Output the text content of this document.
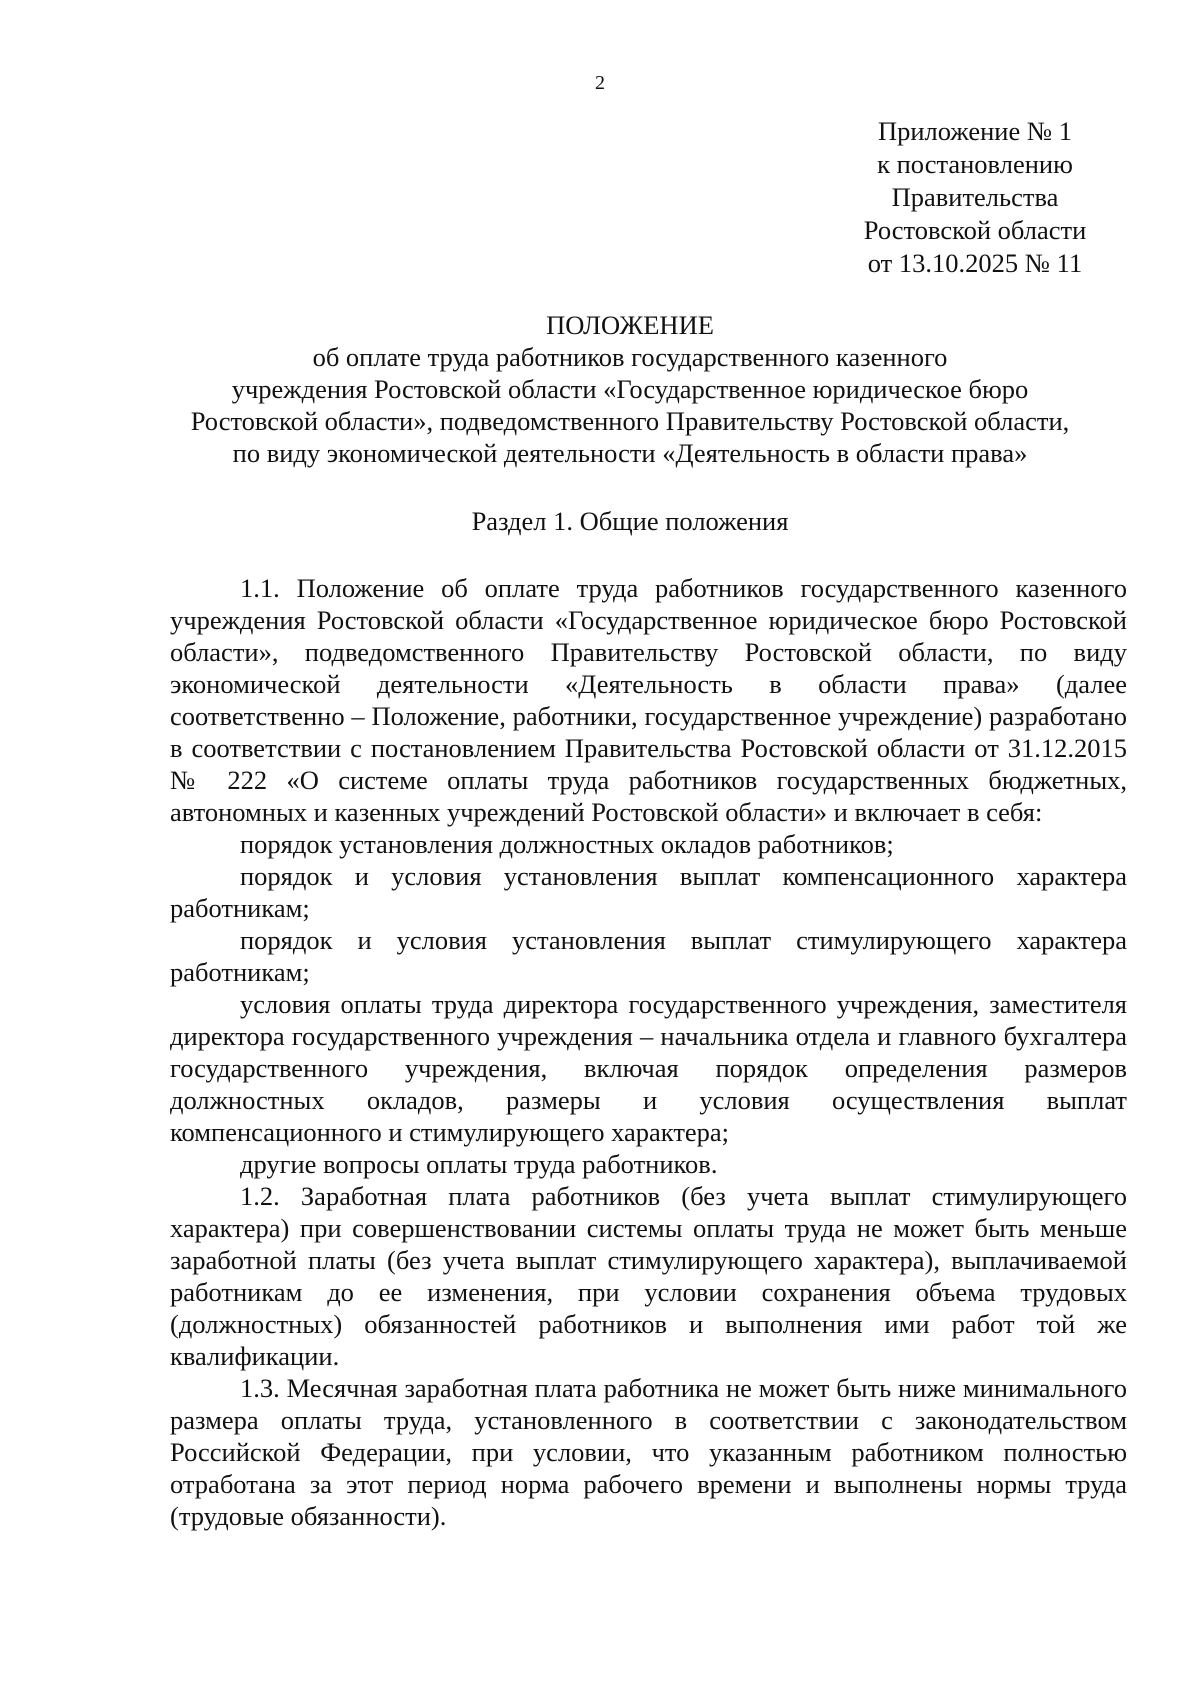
2
Приложение № 1
к постановлению
Правительства
Ростовской области
от 13.10.2025 № 11
ПОЛОЖЕНИЕ
об оплате труда работников государственного казенного
учреждения Ростовской области «Государственное юридическое бюро
Ростовской области», подведомственного Правительству Ростовской области,
по виду экономической деятельности «Деятельность в области права»
Раздел 1. Общие положения

1.1. Положение об оплате труда работников государственного казенного учреждения Ростовской области «Государственное юридическое бюро Ростовской области», подведомственного Правительству Ростовской области, по виду экономической деятельности «Деятельность в области права» (далее соответственно – Положение, работники, государственное учреждение) разработано в соответствии с постановлением Правительства Ростовской области от 31.12.2015 № 222 «О системе оплаты труда работников государственных бюджетных, автономных и казенных учреждений Ростовской области» и включает в себя:

порядок установления должностных окладов работников;

порядок и условия установления выплат компенсационного характера работникам;

порядок и условия установления выплат стимулирующего характера работникам;

условия оплаты труда директора государственного учреждения, заместителя директора государственного учреждения – начальника отдела и главного бухгалтера государственного учреждения, включая порядок определения размеров должностных окладов, размеры и условия осуществления выплат компенсационного и стимулирующего характера;

другие вопросы оплаты труда работников.

1.2. Заработная плата работников (без учета выплат стимулирующего характера) при совершенствовании системы оплаты труда не может быть меньше заработной платы (без учета выплат стимулирующего характера), выплачиваемой работникам до ее изменения, при условии сохранения объема трудовых (должностных) обязанностей работников и выполнения ими работ той же квалификации.

1.3. Месячная заработная плата работника не может быть ниже минимального размера оплаты труда, установленного в соответствии с законодательством Российской Федерации, при условии, что указанным работником полностью отработана за этот период норма рабочего времени и выполнены нормы труда (трудовые обязанности).
